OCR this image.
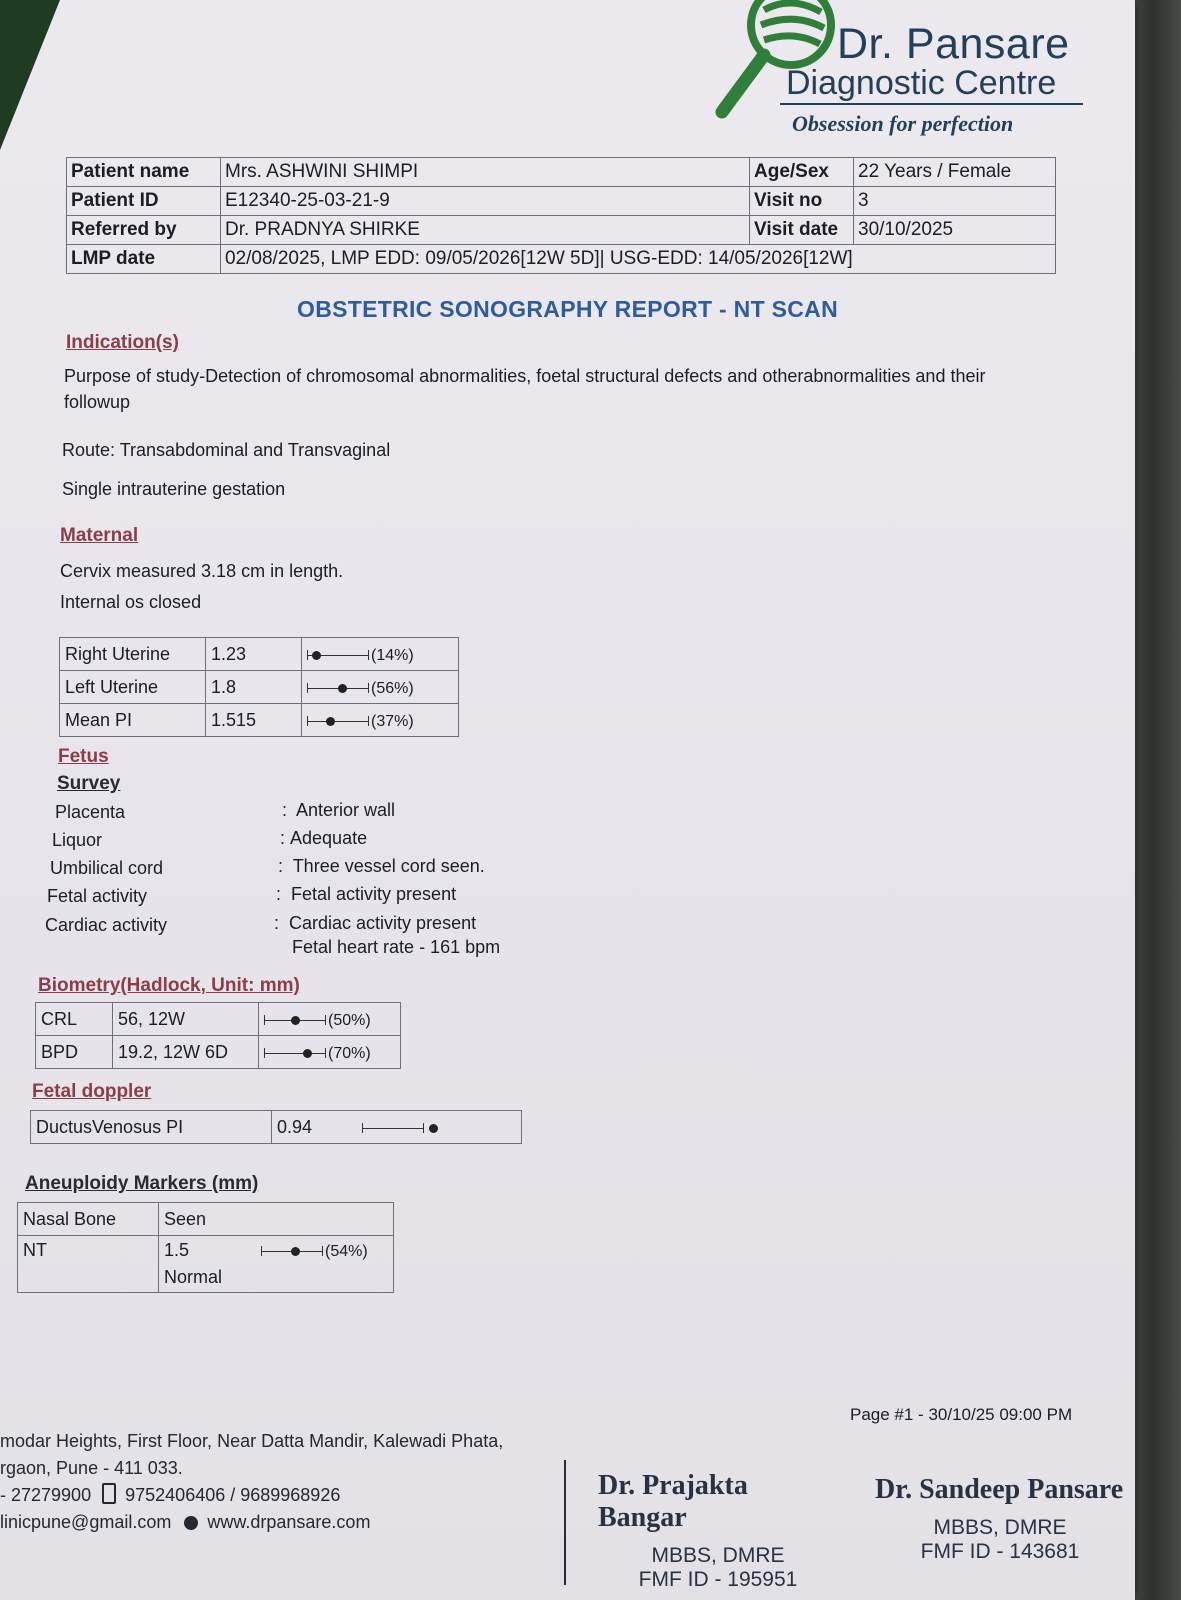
Dr. Pansare
Diagnostic Centre
Obsession for perfection
Patient name	Mrs. ASHWINI SHIMPI	Age/Sex	22 Years / Female
Patient ID	E12340-25-03-21-9	Visit no	3
Referred by	Dr. PRADNYA SHIRKE	Visit date	30/10/2025
LMP date	02/08/2025, LMP EDD: 09/05/2026[12W 5D]| USG-EDD: 14/05/2026[12W]		
OBSTETRIC SONOGRAPHY REPORT - NT SCAN
Indication(s)
Purpose of study-Detection of chromosomal abnormalities, foetal structural defects and otherabnormalities and their
followup
Route: Transabdominal and Transvaginal
Single intrauterine gestation
Maternal
Cervix measured 3.18 cm in length.
Internal os closed
Right Uterine	1.23	(14%)
Left Uterine	1.8	(56%)
Mean PI	1.515	(37%)
Fetus
Survey
Placenta	:  Anterior wall
Liquor	: Adequate
Umbilical cord	:  Three vessel cord seen.
Fetal activity	:  Fetal activity present
Cardiac activity	:  Cardiac activity present
Fetal heart rate - 161 bpm
Biometry(Hadlock, Unit: mm)
CRL	56, 12W	(50%)
BPD	19.2, 12W 6D	(70%)
Fetal doppler
DuctusVenosus PI	0.94
Aneuploidy Markers (mm)
Nasal Bone	Seen
NT	1.5 (54%)
Normal
Page #1 - 30/10/25 09:00 PM
modar Heights, First Floor, Near Datta Mandir, Kalewadi Phata,
rgaon, Pune - 411 033.
- 27279900 9752406406 / 9689968926
linicpune@gmail.com www.drpansare.com
Dr. Prajakta Bangar
MBBS, DMRE
FMF ID - 195951
Dr. Sandeep Pansare
MBBS, DMRE
FMF ID - 143681
